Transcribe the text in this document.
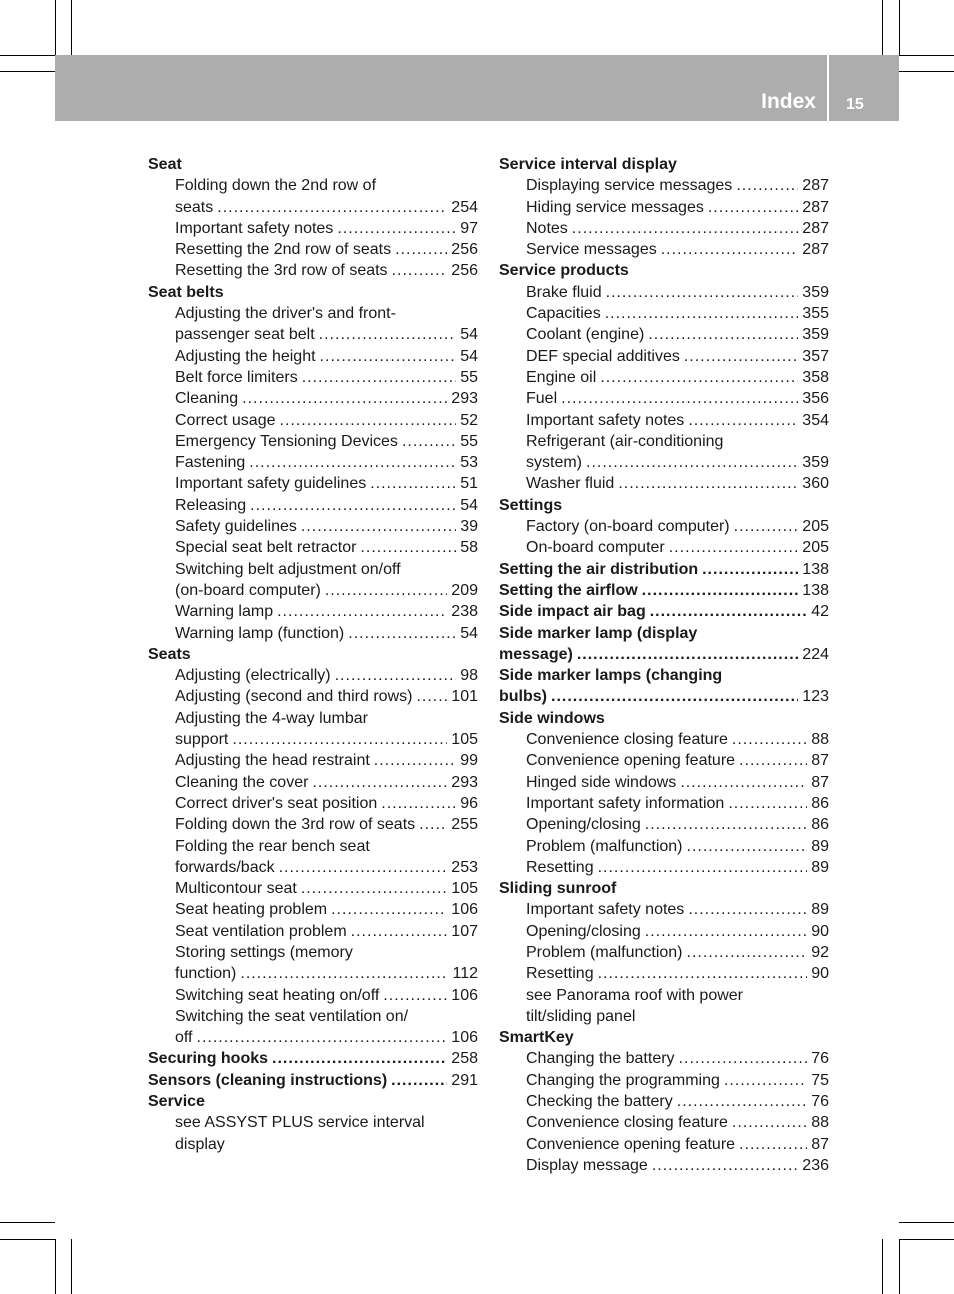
Index 15
Seat
Folding down the 2nd row of
seats .....	254
Important safety notes .....	97
Resetting the 2nd row of seats .....	256
Resetting the 3rd row of seats .....	256
Seat belts
Adjusting the driver's and front-
passenger seat belt .....	54
Adjusting the height .....	54
Belt force limiters .....	55
Cleaning .....	293
Correct usage .....	52
Emergency Tensioning Devices .....	55
Fastening .....	53
Important safety guidelines .....	51
Releasing .....	54
Safety guidelines .....	39
Special seat belt retractor .....	58
Switching belt adjustment on/off
(on-board computer) .....	209
Warning lamp .....	238
Warning lamp (function) .....	54
Seats
Adjusting (electrically) .....	98
Adjusting (second and third rows) ..... 101
Adjusting the 4-way lumbar
support .....	105
Adjusting the head restraint .....	99
Cleaning the cover .....	293
Correct driver's seat position .....	96
Folding down the 3rd row of seats ..... 255
Folding the rear bench seat
forwards/back .....	253
Multicontour seat .....	105
Seat heating problem .....	106
Seat ventilation problem .....	107
Storing settings (memory
function) .....	112
Switching seat heating on/off .....	106
Switching the seat ventilation on/
off .....	106
Securing hooks .....	258
Sensors (cleaning instructions) .....	291
Service
see ASSYST PLUS service interval
display
Service interval display
Displaying service messages .....	287
Hiding service messages .....	287
Notes .....	287
Service messages .....	287
Service products
Brake fluid .....	359
Capacities .....	355
Coolant (engine) .....	359
DEF special additives .....	357
Engine oil .....	358
Fuel .....	356
Important safety notes .....	354
Refrigerant (air-conditioning
system) .....	359
Washer fluid .....	360
Settings
Factory (on-board computer) .....	205
On-board computer .....	205
Setting the air distribution .....	138
Setting the airflow .....	138
Side impact air bag .....	42
Side marker lamp (display
message) .....	224
Side marker lamps (changing
bulbs) .....	123
Side windows
Convenience closing feature .....	88
Convenience opening feature .....	87
Hinged side windows .....	87
Important safety information .....	86
Opening/closing .....	86
Problem (malfunction) .....	89
Resetting .....	89
Sliding sunroof
Important safety notes .....	89
Opening/closing .....	90
Problem (malfunction) .....	92
Resetting .....	90
see Panorama roof with power
tilt/sliding panel
SmartKey
Changing the battery .....	76
Changing the programming .....	75
Checking the battery .....	76
Convenience closing feature .....	88
Convenience opening feature .....	87
Display message .....	236
